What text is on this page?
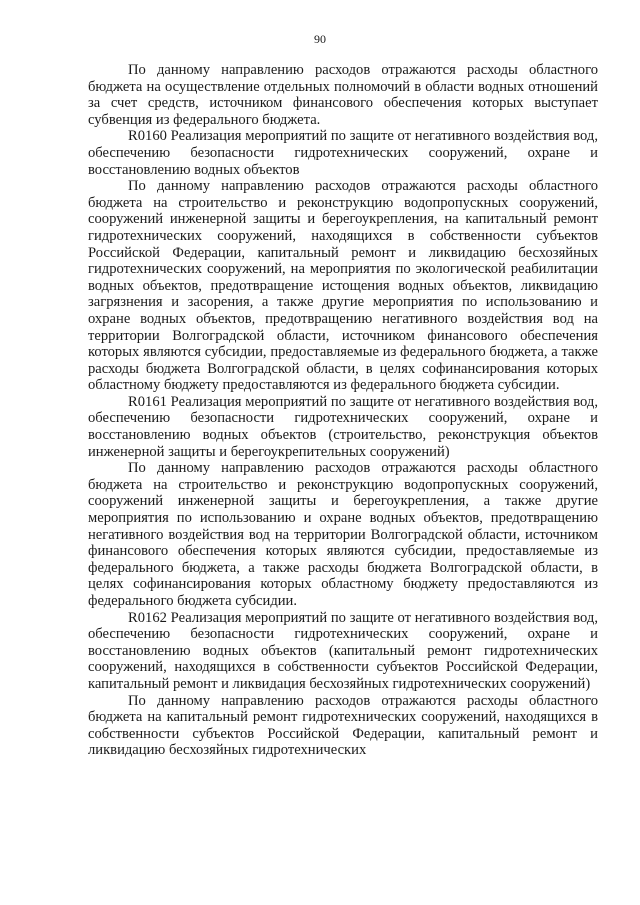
90

По данному направлению расходов отражаются расходы областного бюджета на осуществление отдельных полномочий в области водных отношений за счет средств, источником финансового обеспечения которых выступает субвенция из федерального бюджета.

R0160 Реализация мероприятий по защите от негативного воздействия вод, обеспечению безопасности гидротехнических сооружений, охране и восстановлению водных объектов

По данному направлению расходов отражаются расходы областного бюджета на строительство и реконструкцию водопропускных сооружений, сооружений инженерной защиты и берегоукрепления, на капитальный ремонт гидротехнических сооружений, находящихся в собственности субъектов Российской Федерации, капитальный ремонт и ликвидацию бесхозяйных гидротехнических сооружений, на мероприятия по экологической реабилитации водных объектов, предотвращение истощения водных объектов, ликвидацию загрязнения и засорения, а также другие мероприятия по использованию и охране водных объектов, предотвращению негативного воздействия вод на территории Волгоградской области, источником финансового обеспечения которых являются субсидии, предоставляемые из федерального бюджета, а также расходы бюджета Волгоградской области, в целях софинансирования которых областному бюджету предоставляются из федерального бюджета субсидии.

R0161 Реализация мероприятий по защите от негативного воздействия вод, обеспечению безопасности гидротехнических сооружений, охране и восстановлению водных объектов (строительство, реконструкция объектов инженерной защиты и берегоукрепительных сооружений)

По данному направлению расходов отражаются расходы областного бюджета на строительство и реконструкцию водопропускных сооружений, сооружений инженерной защиты и берегоукрепления, а также другие мероприятия по использованию и охране водных объектов, предотвращению негативного воздействия вод на территории Волгоградской области, источником финансового обеспечения которых являются субсидии, предоставляемые из федерального бюджета, а также расходы бюджета Волгоградской области, в целях софинансирования которых областному бюджету предоставляются из федерального бюджета субсидии.

R0162 Реализация мероприятий по защите от негативного воздействия вод, обеспечению безопасности гидротехнических сооружений, охране и восстановлению водных объектов (капитальный ремонт гидротехнических сооружений, находящихся в собственности субъектов Российской Федерации, капитальный ремонт и ликвидация бесхозяйных гидротехнических сооружений)

По данному направлению расходов отражаются расходы областного бюджета на капитальный ремонт гидротехнических сооружений, находящихся в собственности субъектов Российской Федерации, капитальный ремонт и ликвидацию бесхозяйных гидротехнических
